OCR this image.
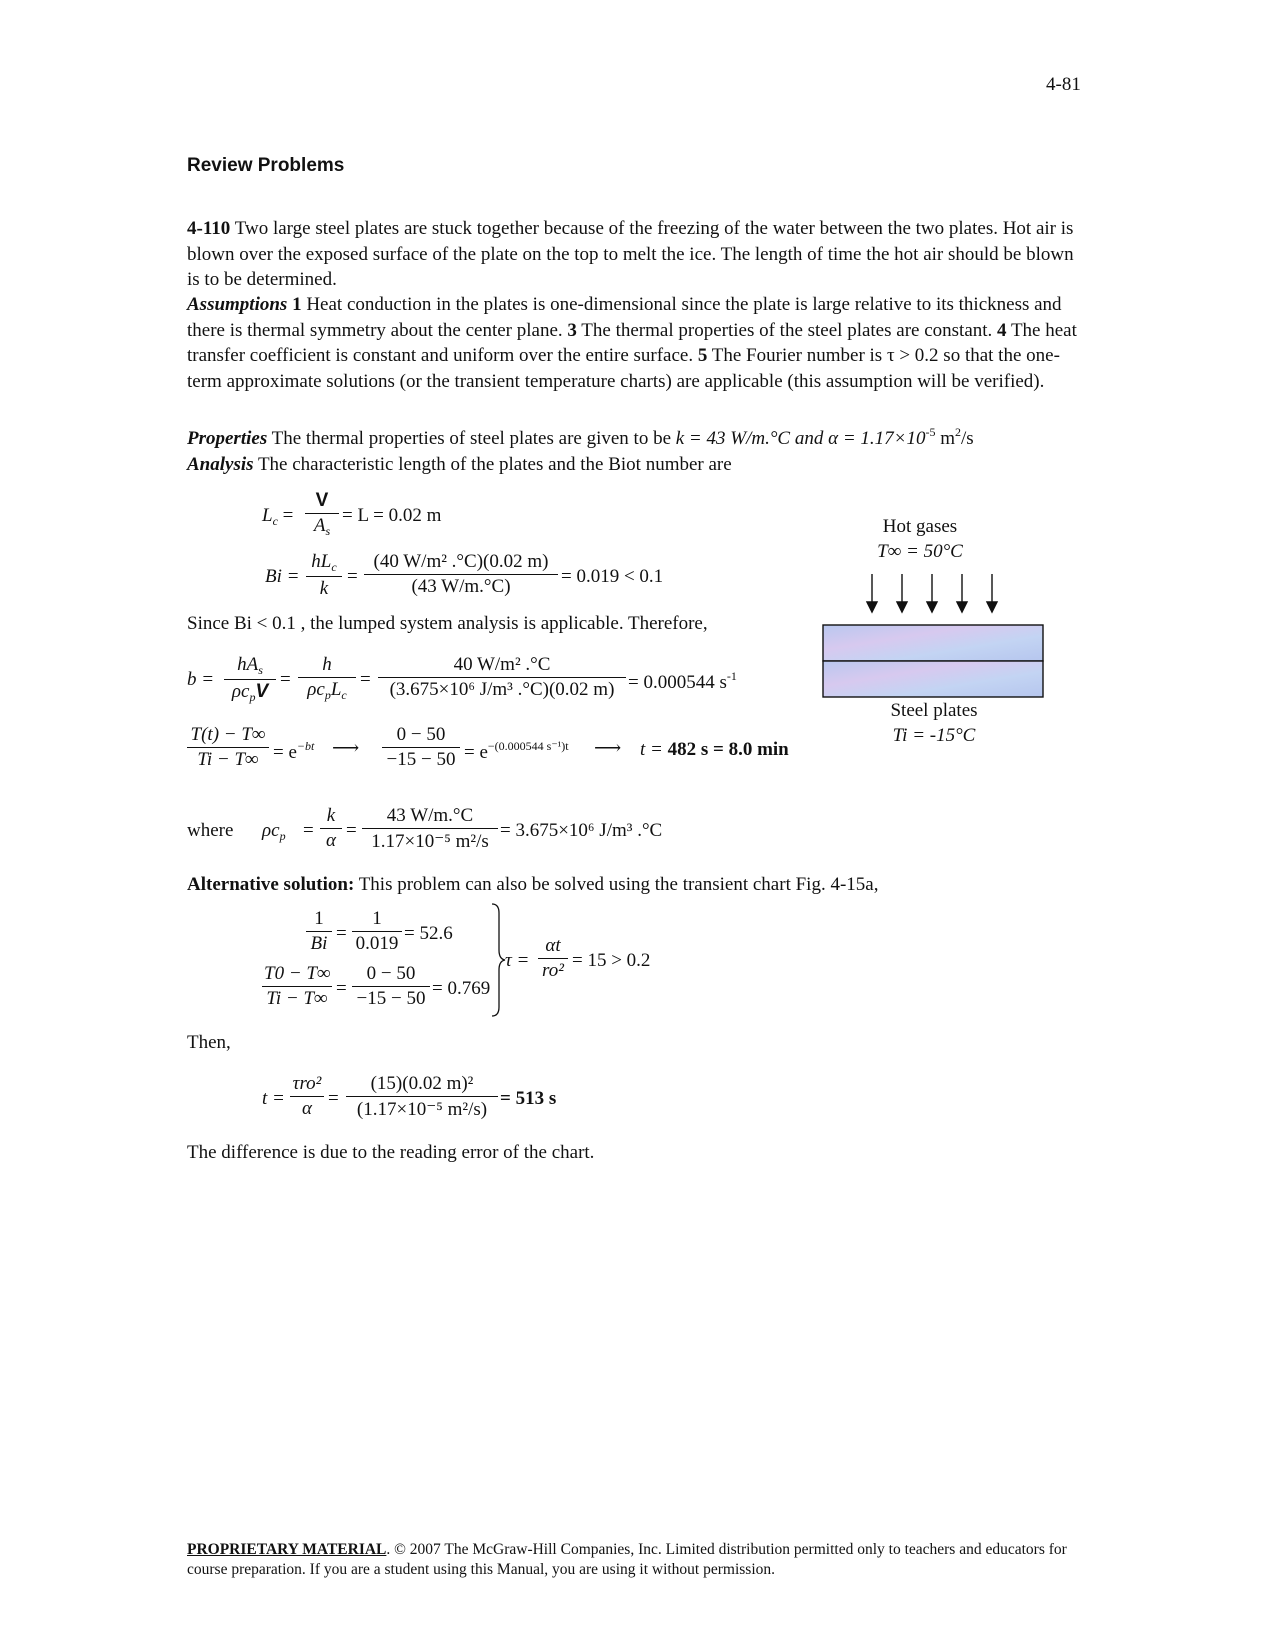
4-81
Review Problems
4-110 Two large steel plates are stuck together because of the freezing of the water between the two plates. Hot air is blown over the exposed surface of the plate on the top to melt the ice. The length of time the hot air should be blown is to be determined.
Assumptions 1 Heat conduction in the plates is one-dimensional since the plate is large relative to its thickness and there is thermal symmetry about the center plane. 3 The thermal properties of the steel plates are constant. 4 The heat transfer coefficient is constant and uniform over the entire surface. 5 The Fourier number is τ > 0.2 so that the one-term approximate solutions (or the transient temperature charts) are applicable (this assumption will be verified).
Properties The thermal properties of steel plates are given to be k = 43 W/m.°C and $\alpha = 1.17\times 10^{-5}$ $m^2/s$
Analysis The characteristic length of the plates and the Biot number are
$L_c = \frac{V}{A_s} = L = 0.02$ m
Bi =
$hL_c$
k
= $\frac{\text{(40 W/m² .°C)(0.02 m)}}{(43 W/m.^\circ C)} = 0.019 < 0.1$
Since Bi < 0.1 , the lumped system analysis is applicable. Therefore,
b =
$hA_s$
$\rho c_pV$
=
h
$\rho c_pL_c$
= $\frac{\text{40 W/m² .°C}}{\text{(3.675×10⁶ J/m³ .°C)(0.02 m)}} = 0.000544$ $s^{-1}$
$\frac{T(t) - T\infty}{Ti - T\infty} = e^{-bt}$ ⟶ $\frac{0 - 50}{-15 - 50} = e^{-(0.000544 s^{-1})t}$ ⟶ t = 482 s = 8.0 min
where $\rho c_p = \frac{k}{\alpha} = \frac{43 W/m.^\circ C}{\text{1.17×10⁻⁵ m²/s}} = 3.675\times 10^6$ J/m³ .°C
Alternative solution: This problem can also be solved using the transient chart Fig. 4-15a,
$\frac{1}{Bi} = \frac{1}{0.019} = 52.6$
$\frac{T0 - T\infty}{Ti - T\infty} = \frac{0 - 50}{-15 - 50} = 0.769$
$\tau = \frac{\alpha t}{\text{ro²}} = 15 > 0.2$
Then,
t =
τro²
$\alpha = \frac{\text{(15)(0.02 m)²}}{\text{(1.17×10⁻⁵ m²/s)}} = 513$ s
The difference is due to the reading error of the chart.
Hot gases
T∞ = 50°C
Steel plates
Ti = -15°C
PROPRIETARY MATERIAL. © 2007 The McGraw-Hill Companies, Inc. Limited distribution permitted only to teachers and educators for course preparation. If you are a student using this Manual, you are using it without permission.
